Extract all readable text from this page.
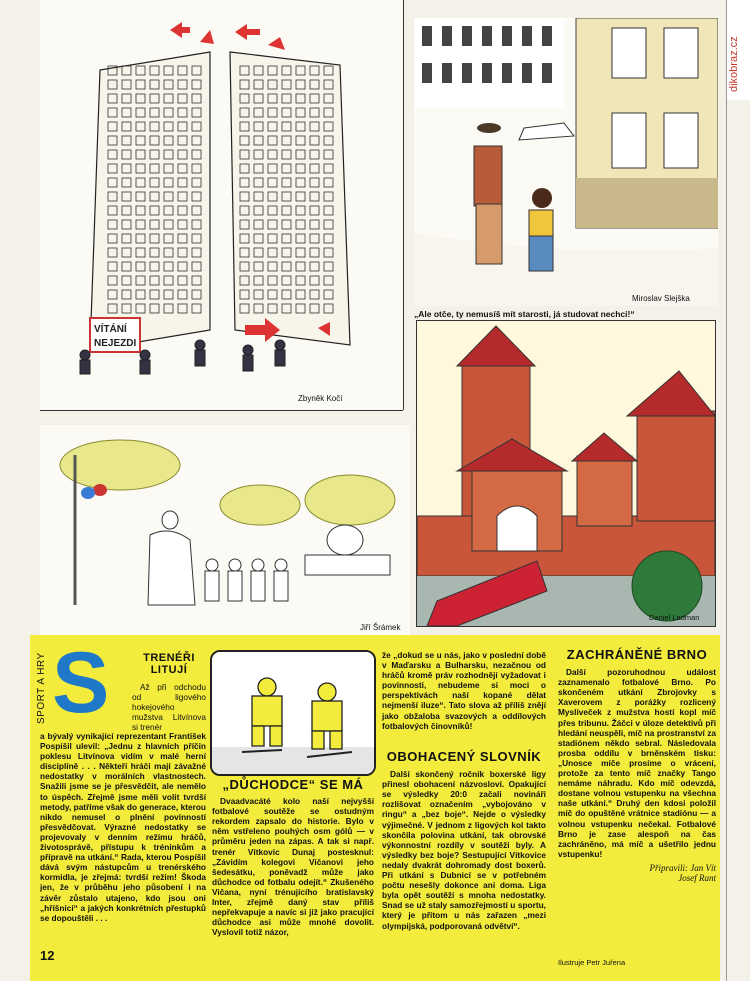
dikobraz.cz
VÍTÁNÍ
NEJEZDI
Zbyněk Kočí
Miroslav Slejška
„Ale otče, ty nemusíš mít starosti, já studovat nechci!“
Daniel Ladman
Jiří Šrámek
SPORT A HRY S	TRENÉŘI
LITUJÍ

Až při odchodu od ligového hokejového mužstva Litvínova si trenér

a bývalý vynikající reprezentant František Pospíšil ulevil: „Jednu z hlavních příčin poklesu Litvínova vidím v malé herní disciplíně . . . Někteří hráči mají závažné nedostatky v morálních vlastnostech. Snažili jsme se je přesvědčit, ale nemělo to úspěch. Zřejmě jsme měli volit tvrdší metody, patříme však do generace, kterou nikdo nemusel o plnění povinností přesvědčovat. Výrazné nedostatky se projevovaly v denním režimu hráčů, životosprávě, přístupu k tréninkům a přípravě na utkání.“ Rada, kterou Pospíšil dává svým nástupcům u trenérského kormidla, je zřejmá: tvrdší režim! Škoda jen, že v průběhu jeho působení i na závěr zůstalo utajeno, kdo jsou oni „hříšníci“ a jakých konkrétních přestupků se dopouštěli . . .
12
„DŮCHODCE“ SE MÁ

Dvaadvacáté kolo naší nejvyšší fotbalové soutěže se ostudným rekordem zapsalo do historie. Bylo v něm vstřeleno pouhých osm gólů — v průměru jeden na zápas. A tak si např. trenér Vítkovic Dunaj postesknul: „Závidím kolegovi Vičanovi jeho šedesátku, poněvadž může jako důchodce od fotbalu odejít.“ Zkušeného Vičana, nyní trénujícího bratislavský Inter, zřejmě daný stav příliš nepřekvapuje a navíc si již jako pracující důchodce asi může mnohé dovolit. Vyslovil totiž názor,

že „dokud se u nás, jako v poslední době v Maďarsku a Bulharsku, nezačnou od hráčů kromě práv rozhodnějí vyžadovat i povinnosti, nebudeme si moci o perspektivách naší kopané dělat nejmenší iluze“. Tato slova až příliš znějí jako obžaloba svazových a oddílových fotbalových činovníků!
OBOHACENÝ SLOVNÍK

Další skončený ročník boxerské ligy přinesl obohacení názvosloví. Opakující se výsledky 20:0 začali novináři rozlišovat označením „vybojováno v ringu“ a „bez boje“. Nejde o výsledky výjimečné. V jednom z ligových kol takto skončila polovina utkání, tak obrovské výkonnostní rozdíly v soutěži byly. A výsledky bez boje? Sestupující Vítkovice nedaly dvakrát dohromady dost boxerů. Při utkání s Dubnicí se v potřebném počtu nesešly dokonce ani doma. Liga byla opět soutěží s mnoha nedostatky. Snad se už staly samozřejmostí u sportu, který je přitom u nás zařazen „mezi olympijská, podporovaná odvětví“.

ZACHRÁNĚNÉ BRNO

Další pozoruhodnou událost zaznamenalo fotbalové Brno. Po skončeném utkání Zbrojovky s Xaverovem z poráżky rozlicený Mysliveček z mužstva hostí kopl míč přes tribunu. Žáčci v úloze detektivů při hledání neuspěli, míč na prostranství za stadiónem někdo sebral. Následovala prosba oddílu v brněnském tisku: „Unosce míče prosíme o vrácení, protože za tento míč značky Tango nemáme náhradu. Kdo míč odevzdá, dostane volnou vstupenku na všechna naše utkání.“ Druhý den kdosi položil míč do opuštěné vrátnice stadiónu — a volnou vstupenku nečekal. Fotbalové Brno je zase alespoň na čas zachráněno, má míč a ušetřilo jednu vstupenku!

Připravili: Jan Vít
Josef Rant
Ilustruje Petr Juřena
